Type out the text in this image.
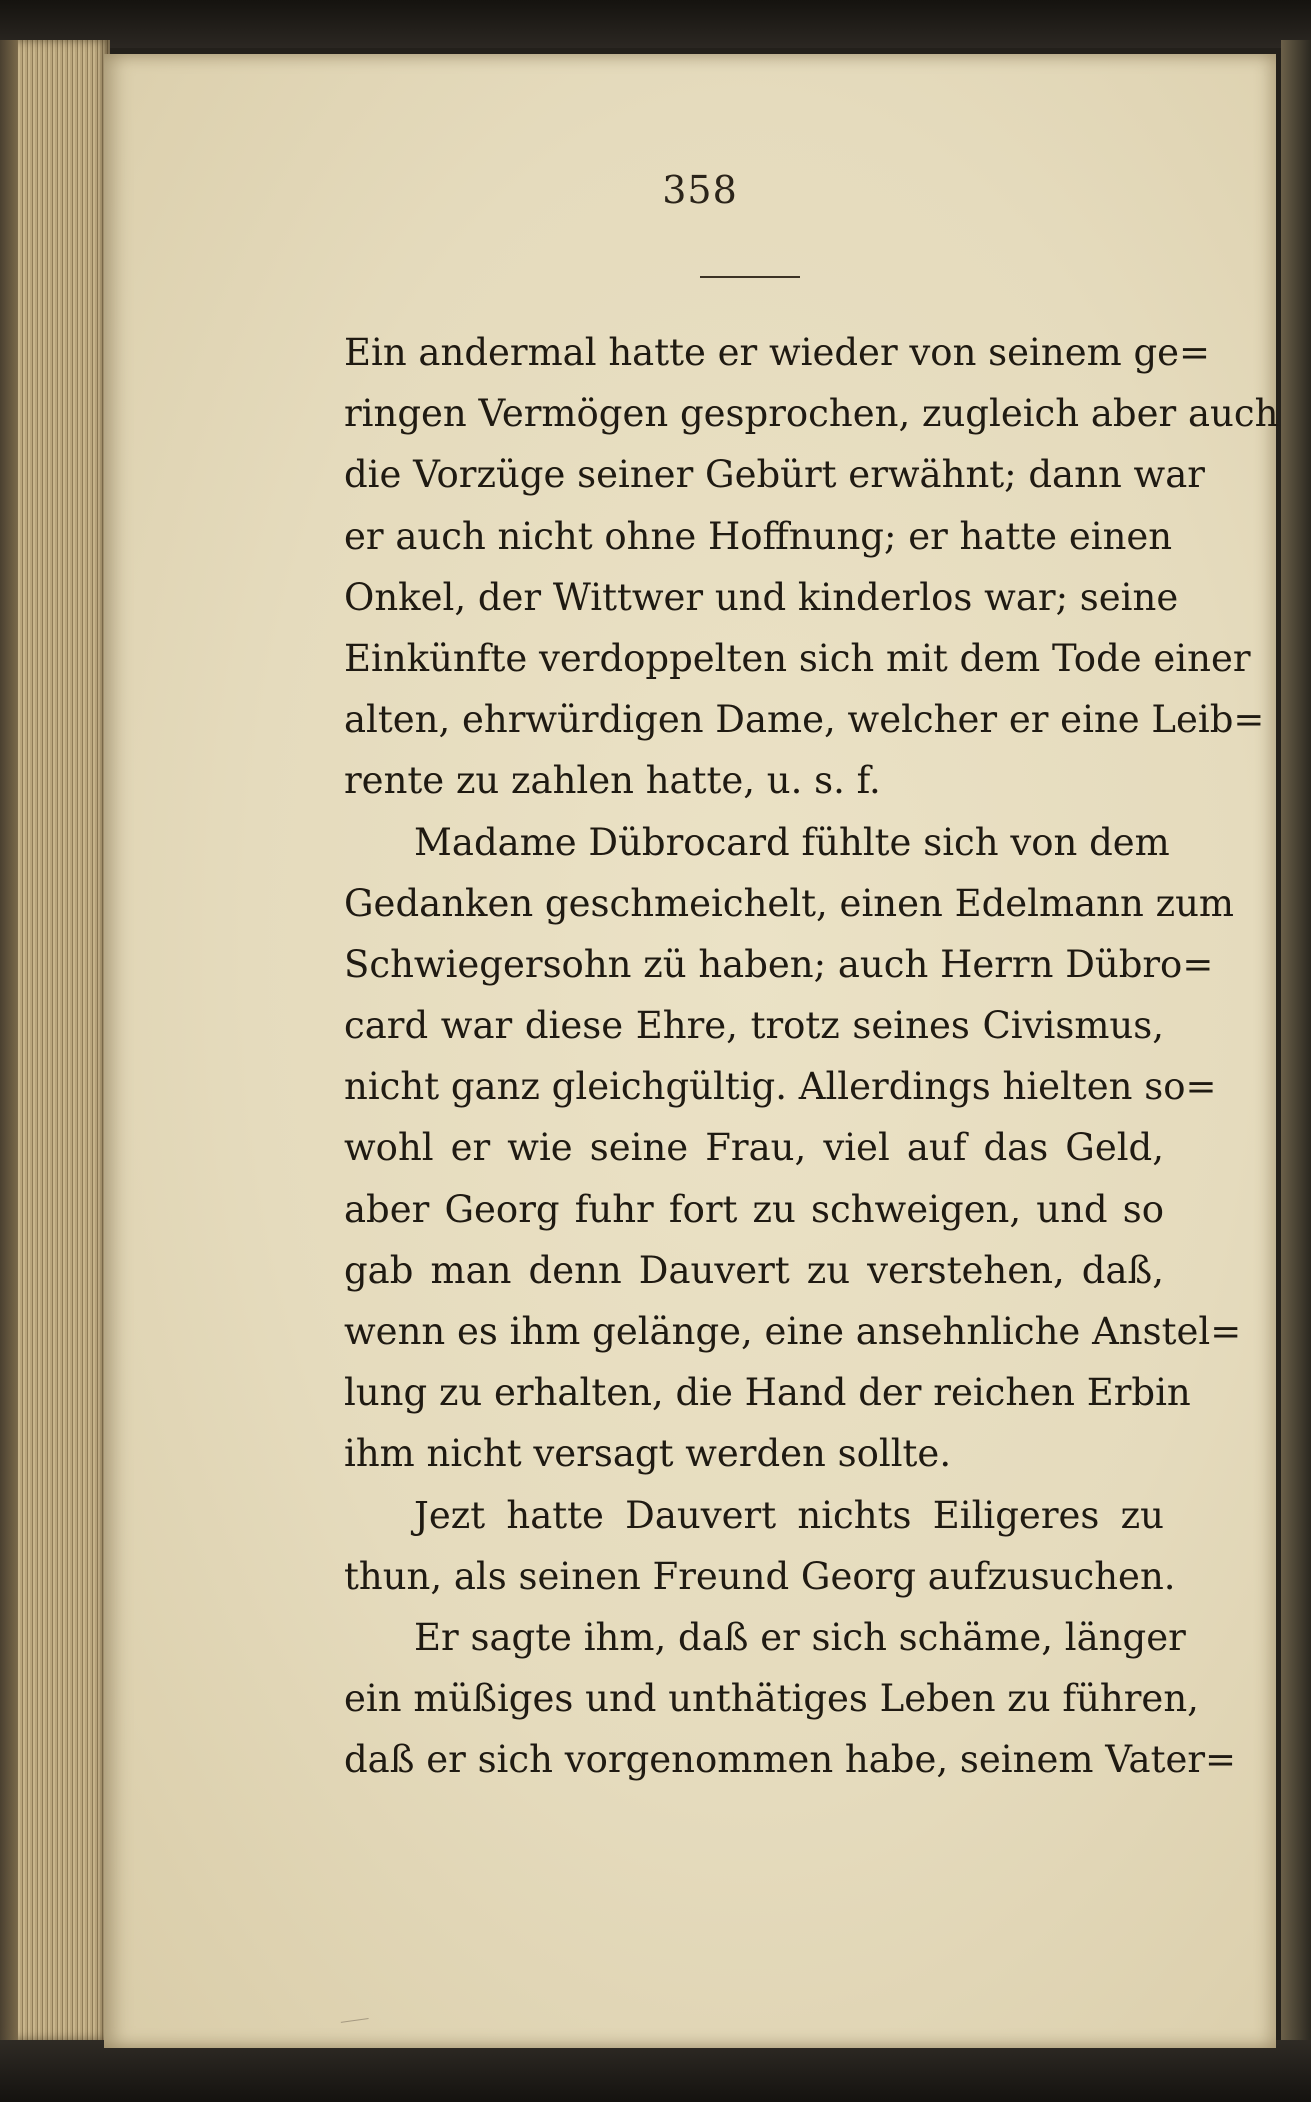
358
Ein andermal hatte er wieder von seinem ge=
ringen Vermögen gesprochen, zugleich aber auch
die Vorzüge seiner Gebürt erwähnt; dann war
er auch nicht ohne Hoffnung; er hatte einen
Onkel, der Wittwer und kinderlos war; seine
Einkünfte verdoppelten sich mit dem Tode einer
alten, ehrwürdigen Dame, welcher er eine Leib=
rente zu zahlen hatte, u. s. f.
Madame Dübrocard fühlte sich von dem
Gedanken geschmeichelt, einen Edelmann zum
Schwiegersohn zü haben; auch Herrn Dübro=
card war diese Ehre, trotz seines Civismus,
nicht ganz gleichgültig. Allerdings hielten so=
wohl er wie seine Frau, viel auf das Geld,
aber Georg fuhr fort zu schweigen, und so
gab man denn Dauvert zu verstehen, daß,
wenn es ihm gelänge, eine ansehnliche Anstel=
lung zu erhalten, die Hand der reichen Erbin
ihm nicht versagt werden sollte.
Jezt hatte Dauvert nichts Eiligeres zu
thun, als seinen Freund Georg aufzusuchen.
Er sagte ihm, daß er sich schäme, länger
ein müßiges und unthätiges Leben zu führen,
daß er sich vorgenommen habe, seinem Vater=
